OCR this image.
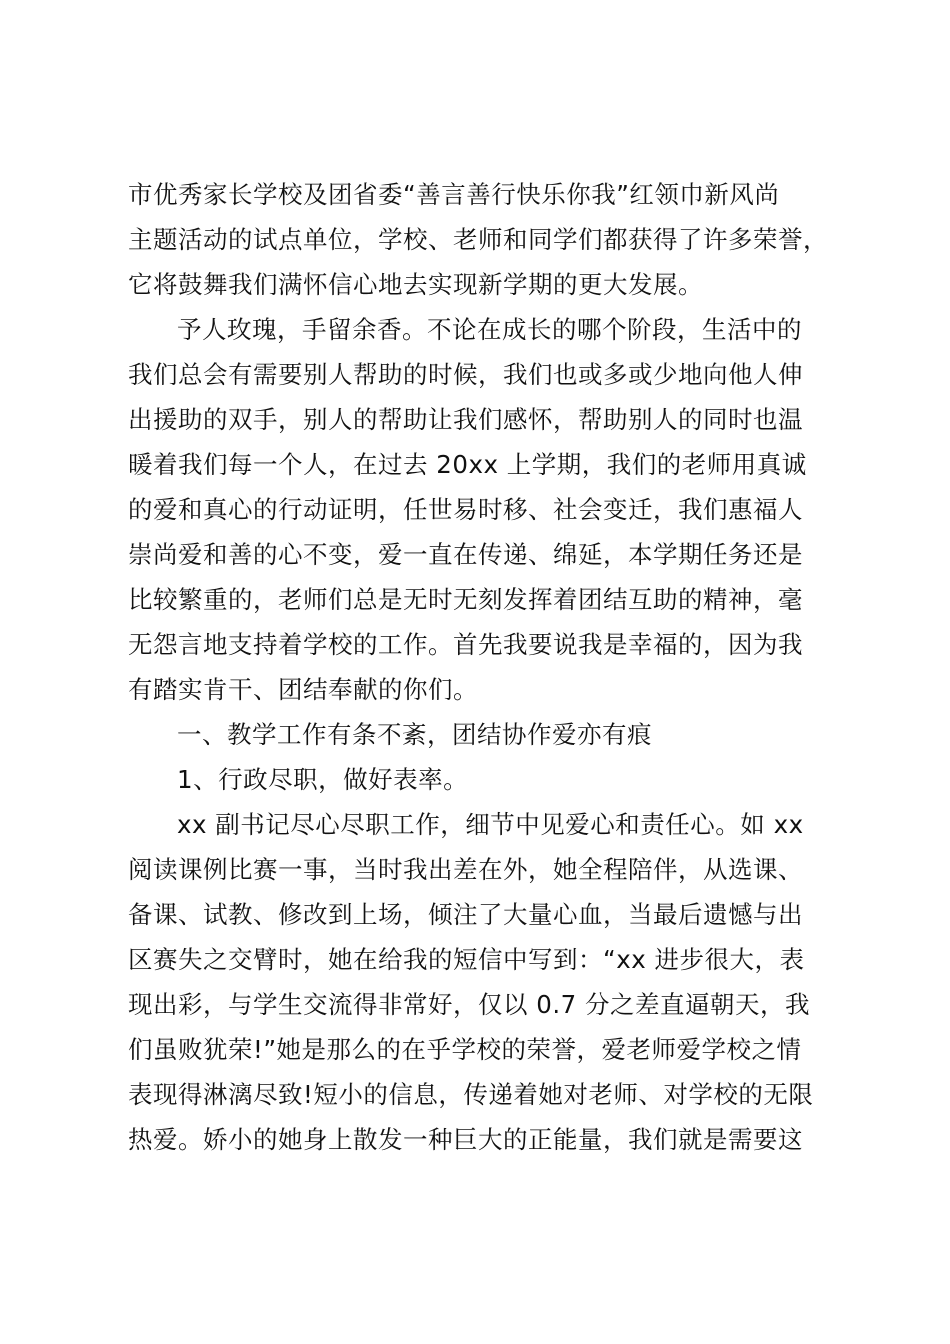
市优秀家长学校及团省委“善言善行快乐你我”红领巾新风尚
主题活动的试点单位，学校、老师和同学们都获得了许多荣誉，
它将鼓舞我们满怀信心地去实现新学期的更大发展。
予人玫瑰，手留余香。不论在成长的哪个阶段，生活中的
我们总会有需要别人帮助的时候，我们也或多或少地向他人伸
出援助的双手，别人的帮助让我们感怀，帮助别人的同时也温
暖着我们每一个人，在过去 20xx 上学期，我们的老师用真诚
的爱和真心的行动证明，任世易时移、社会变迁，我们惠福人
崇尚爱和善的心不变，爱一直在传递、绵延，本学期任务还是
比较繁重的，老师们总是无时无刻发挥着团结互助的精神，毫
无怨言地支持着学校的工作。首先我要说我是幸福的，因为我
有踏实肯干、团结奉献的你们。
一、教学工作有条不紊，团结协作爱亦有痕
1、行政尽职，做好表率。
xx 副书记尽心尽职工作，细节中见爱心和责任心。如 xx
阅读课例比赛一事，当时我出差在外，她全程陪伴，从选课、
备课、试教、修改到上场，倾注了大量心血，当最后遗憾与出
区赛失之交臂时，她在给我的短信中写到：“xx 进步很大，表
现出彩，与学生交流得非常好，仅以 0.7 分之差直逼朝天，我
们虽败犹荣!”她是那么的在乎学校的荣誉，爱老师爱学校之情
表现得淋漓尽致!短小的信息，传递着她对老师、对学校的无限
热爱。娇小的她身上散发一种巨大的正能量，我们就是需要这
